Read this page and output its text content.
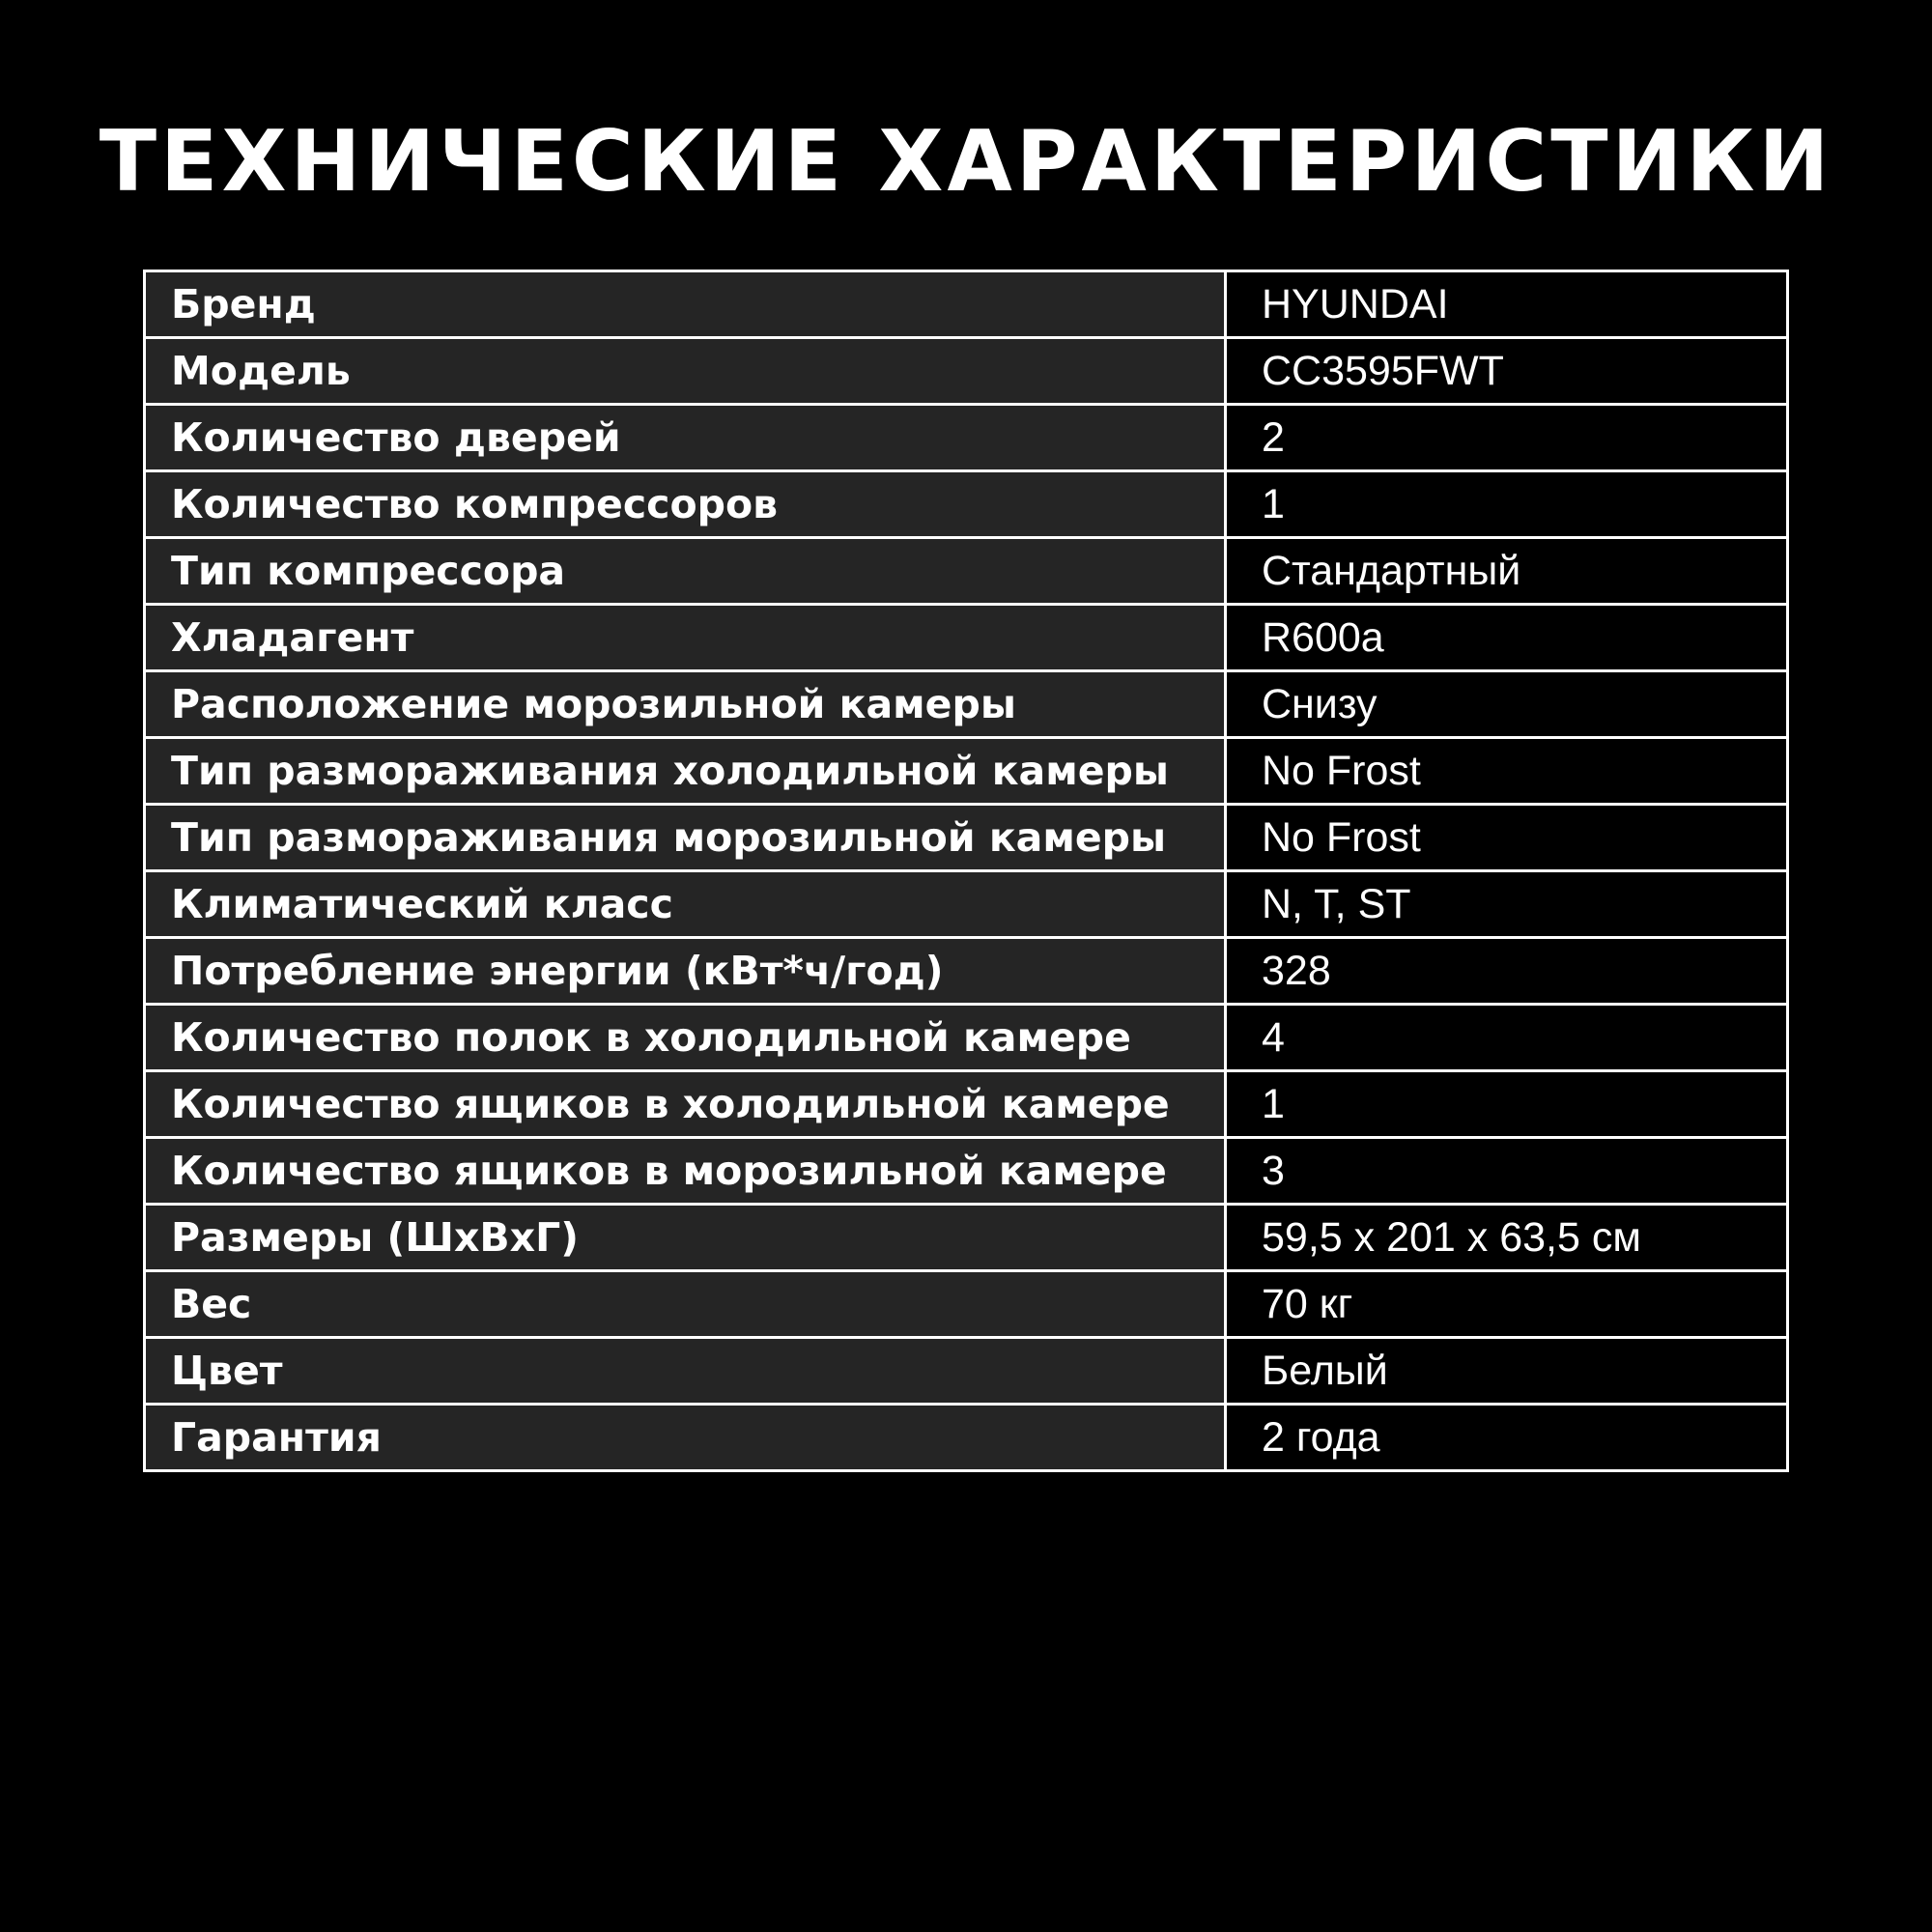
ТЕХНИЧЕСКИЕ ХАРАКТЕРИСТИКИ
Бренд	HYUNDAI
Модель	CC3595FWT
Количество дверей	2
Количество компрессоров	1
Тип компрессора	Стандартный
Хладагент	R600a
Расположение морозильной камеры	Снизу
Тип размораживания холодильной камеры	No Frost
Тип размораживания морозильной камеры	No Frost
Климатический класс	N, T, ST
Потребление энергии (кВт*ч/год)	328
Количество полок в холодильной камере	4
Количество ящиков в холодильной камере	1
Количество ящиков в морозильной камере	3
Размеры (ШхВхГ)	59,5 х 201 х 63,5 см
Вес	70 кг
Цвет	Белый
Гарантия	2 года
